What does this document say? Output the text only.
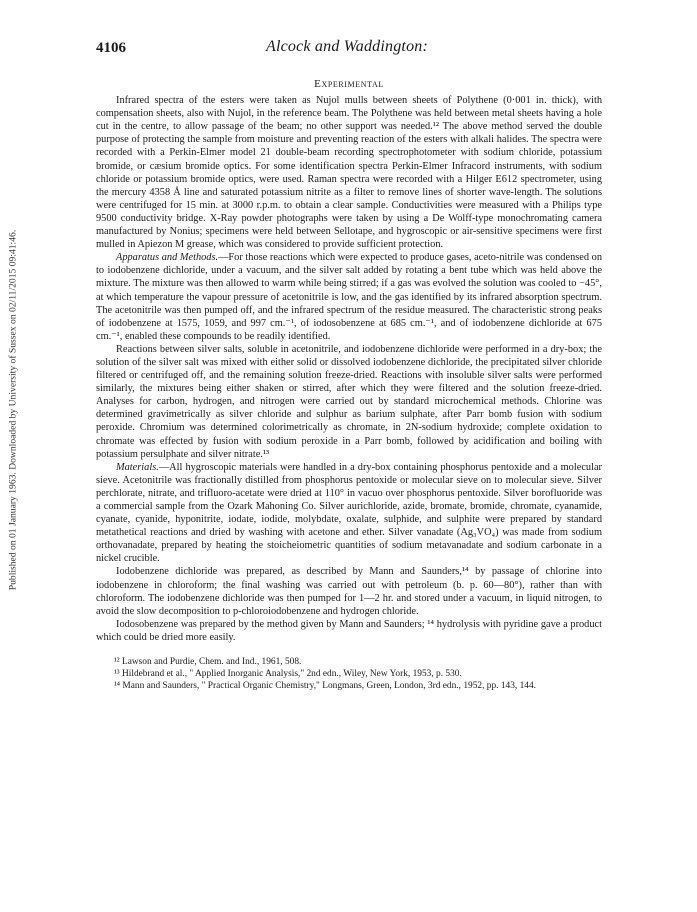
Published on 01 January 1963. Downloaded by University of Sussex on 02/11/2015 09:41:46.
4106	Alcock and Waddington:
Experimental

Infrared spectra of the esters were taken as Nujol mulls between sheets of Polythene (0·001 in. thick), with compensation sheets, also with Nujol, in the reference beam. The Polythene was held between metal sheets having a hole cut in the centre, to allow passage of the beam; no other support was needed.¹² The above method served the double purpose of protecting the sample from moisture and preventing reaction of the esters with alkali halides. The spectra were recorded with a Perkin-Elmer model 21 double-beam recording spectrophotometer with sodium chloride, potassium bromide, or cæsium bromide optics. For some identification spectra Perkin-Elmer Infracord instruments, with sodium chloride or potassium bromide optics, were used. Raman spectra were recorded with a Hilger E612 spectrometer, using the mercury 4358 Å line and saturated potassium nitrite as a filter to remove lines of shorter wave-length. The solutions were centrifuged for 15 min. at 3000 r.p.m. to obtain a clear sample. Conductivities were measured with a Philips type 9500 conductivity bridge. X-Ray powder photographs were taken by using a De Wolff-type monochromating camera manufactured by Nonius; specimens were held between Sellotape, and hygroscopic or air-sensitive specimens were first mulled in Apiezon M grease, which was considered to provide sufficient protection.

Apparatus and Methods.—For those reactions which were expected to produce gases, aceto-nitrile was condensed on to iodobenzene dichloride, under a vacuum, and the silver salt added by rotating a bent tube which was held above the mixture. The mixture was then allowed to warm while being stirred; if a gas was evolved the solution was cooled to −45°, at which temperature the vapour pressure of acetonitrile is low, and the gas identified by its infrared absorption spectrum. The acetonitrile was then pumped off, and the infrared spectrum of the residue measured. The characteristic strong peaks of iodobenzene at 1575, 1059, and 997 cm.⁻¹, of iodosobenzene at 685 cm.⁻¹, and of iodobenzene dichloride at 675 cm.⁻¹, enabled these compounds to be readily identified.

Reactions between silver salts, soluble in acetonitrile, and iodobenzene dichloride were performed in a dry-box; the solution of the silver salt was mixed with either solid or dissolved iodobenzene dichloride, the precipitated silver chloride filtered or centrifuged off, and the remaining solution freeze-dried. Reactions with insoluble silver salts were performed similarly, the mixtures being either shaken or stirred, after which they were filtered and the solution freeze-dried. Analyses for carbon, hydrogen, and nitrogen were carried out by standard microchemical methods. Chlorine was determined gravimetrically as silver chloride and sulphur as barium sulphate, after Parr bomb fusion with sodium peroxide. Chromium was determined colorimetrically as chromate, in 2N-sodium hydroxide; complete oxidation to chromate was effected by fusion with sodium peroxide in a Parr bomb, followed by acidification and boiling with potassium persulphate and silver nitrate.¹³

Materials.—All hygroscopic materials were handled in a dry-box containing phosphorus pentoxide and a molecular sieve. Acetonitrile was fractionally distilled from phosphorus pentoxide or molecular sieve on to molecular sieve. Silver perchlorate, nitrate, and trifluoro-acetate were dried at 110° in vacuo over phosphorus pentoxide. Silver borofluoride was a commercial sample from the Ozark Mahoning Co. Silver aurichloride, azide, bromate, bromide, chromate, cyanamide, cyanate, cyanide, hyponitrite, iodate, iodide, molybdate, oxalate, sulphide, and sulphite were prepared by standard metathetical reactions and dried by washing with acetone and ether. Silver vanadate (Ag₃VO₄) was made from sodium orthovanadate, prepared by heating the stoicheiometric quantities of sodium metavanadate and sodium carbonate in a nickel crucible.

Iodobenzene dichloride was prepared, as described by Mann and Saunders,¹⁴ by passage of chlorine into iodobenzene in chloroform; the final washing was carried out with petroleum (b. p. 60—80°), rather than with chloroform. The iodobenzene dichloride was then pumped for 1—2 hr. and stored under a vacuum, in liquid nitrogen, to avoid the slow decomposition to p-chloroiodobenzene and hydrogen chloride.

Iodosobenzene was prepared by the method given by Mann and Saunders; ¹⁴ hydrolysis with pyridine gave a product which could be dried more easily.

¹² Lawson and Purdie, Chem. and Ind., 1961, 508.

¹³ Hildebrand et al., " Applied Inorganic Analysis," 2nd edn., Wiley, New York, 1953, p. 530.

¹⁴ Mann and Saunders, " Practical Organic Chemistry," Longmans, Green, London, 3rd edn., 1952, pp. 143, 144.
